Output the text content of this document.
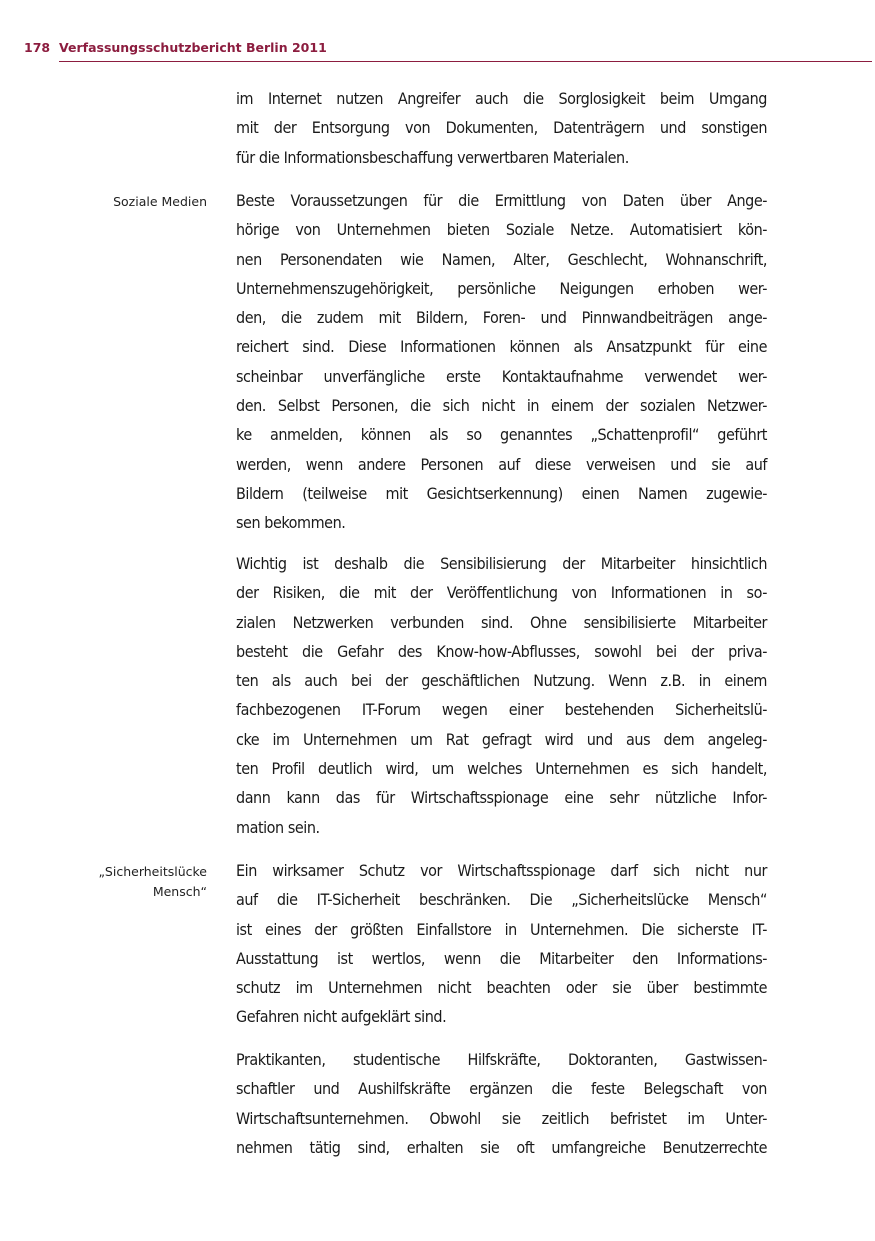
178 Verfassungsschutzbericht Berlin 2011
Soziale Medien
„Sicherheitslücke
Mensch“

im Internet nutzen Angreifer auch die Sorglosigkeit beim Umgang
mit der Entsorgung von Dokumenten, Datenträgern und sonstigen
für die Informationsbeschaffung verwertbaren Materialen.

Beste Voraussetzungen für die Ermittlung von Daten über Ange-
hörige von Unternehmen bieten Soziale Netze. Automatisiert kön-
nen Personendaten wie Namen, Alter, Geschlecht, Wohnanschrift,
Unternehmenszugehörigkeit, persönliche Neigungen erhoben wer-
den, die zudem mit Bildern, Foren- und Pinnwandbeiträgen ange-
reichert sind. Diese Informationen können als Ansatzpunkt für eine
scheinbar unverfängliche erste Kontaktaufnahme verwendet wer-
den. Selbst Personen, die sich nicht in einem der sozialen Netzwer-
ke anmelden, können als so genanntes „Schattenprofil“ geführt
werden, wenn andere Personen auf diese verweisen und sie auf
Bildern (teilweise mit Gesichtserkennung) einen Namen zugewie-
sen bekommen.

Wichtig ist deshalb die Sensibilisierung der Mitarbeiter hinsichtlich
der Risiken, die mit der Veröffentlichung von Informationen in so-
zialen Netzwerken verbunden sind. Ohne sensibilisierte Mitarbeiter
besteht die Gefahr des Know-how-Abflusses, sowohl bei der priva-
ten als auch bei der geschäftlichen Nutzung. Wenn z.B. in einem
fachbezogenen IT-Forum wegen einer bestehenden Sicherheitslü-
cke im Unternehmen um Rat gefragt wird und aus dem angeleg-
ten Profil deutlich wird, um welches Unternehmen es sich handelt,
dann kann das für Wirtschaftsspionage eine sehr nützliche Infor-
mation sein.

Ein wirksamer Schutz vor Wirtschaftsspionage darf sich nicht nur
auf die IT-Sicherheit beschränken. Die „Sicherheitslücke Mensch“
ist eines der größten Einfallstore in Unternehmen. Die sicherste IT-
Ausstattung ist wertlos, wenn die Mitarbeiter den Informations-
schutz im Unternehmen nicht beachten oder sie über bestimmte
Gefahren nicht aufgeklärt sind.

Praktikanten, studentische Hilfskräfte, Doktoranten, Gastwissen-
schaftler und Aushilfskräfte ergänzen die feste Belegschaft von
Wirtschaftsunternehmen. Obwohl sie zeitlich befristet im Unter-
nehmen tätig sind, erhalten sie oft umfangreiche Benutzerrechte
